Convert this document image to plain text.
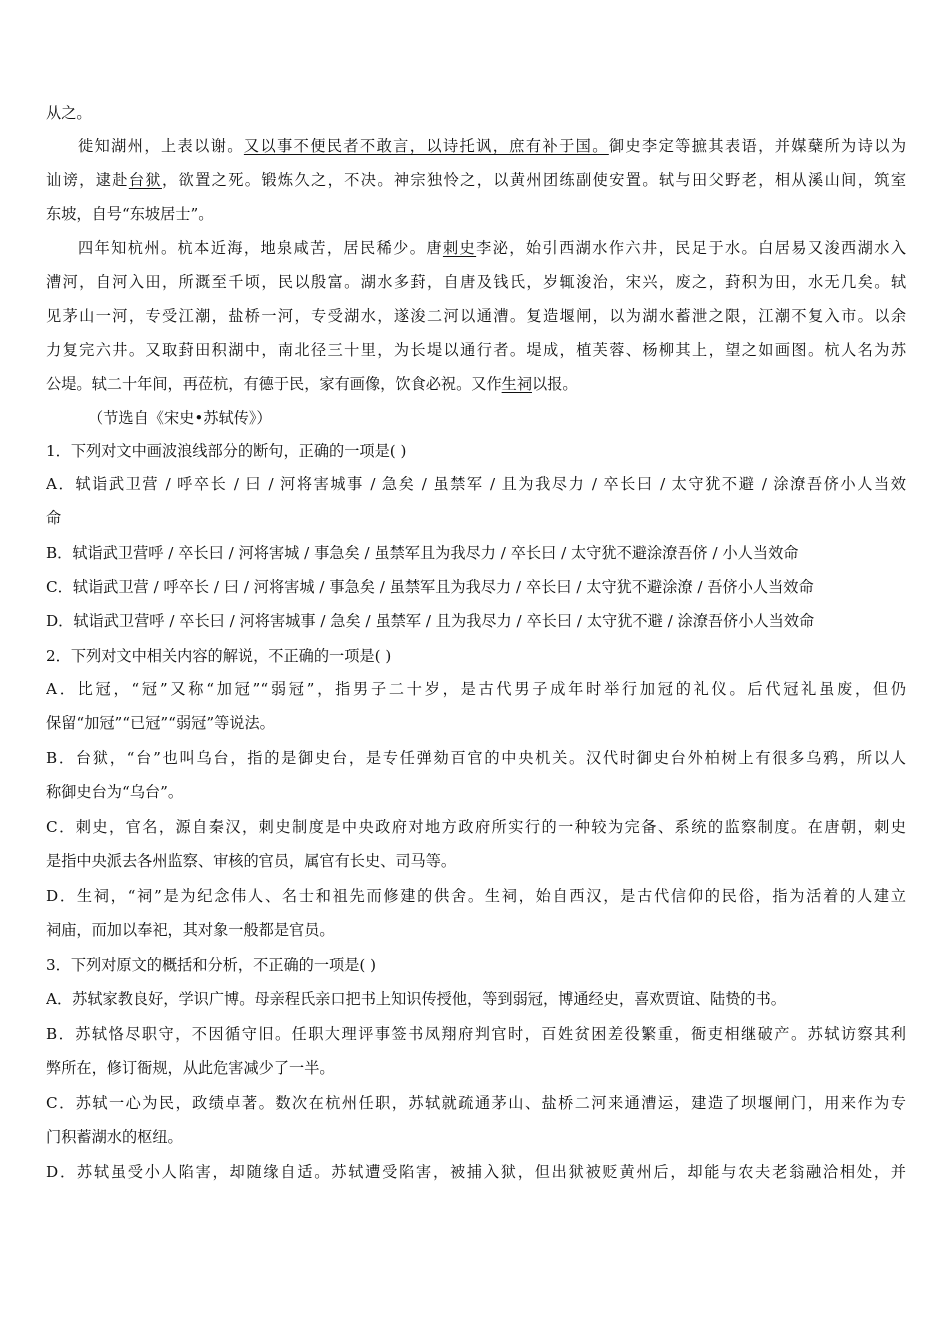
从之。
徙知湖州，上表以谢。又以事不便民者不敢言，以诗托讽，庶有补于国。御史李定等摭其表语，并媒蘖所为诗以为
讪谤，逮赴台狱，欲置之死。锻炼久之，不决。神宗独怜之，以黄州团练副使安置。轼与田父野老，相从溪山间，筑室
东坡，自号“东坡居士”。
四年知杭州。杭本近海，地泉咸苦，居民稀少。唐刺史李泌，始引西湖水作六井，民足于水。白居易又浚西湖水入
漕河，自河入田，所溉至千顷，民以殷富。湖水多葑，自唐及钱氏，岁辄浚治，宋兴，废之，葑积为田，水无几矣。轼
见茅山一河，专受江潮，盐桥一河，专受湖水，遂浚二河以通漕。复造堰闸，以为湖水蓄泄之限，江潮不复入市。以余
力复完六井。又取葑田积湖中，南北径三十里，为长堤以通行者。堤成，植芙蓉、杨柳其上，望之如画图。杭人名为苏
公堤。轼二十年间，再莅杭，有德于民，家有画像，饮食必祝。又作生祠以报。
（节选自《宋史•苏轼传》）
1．下列对文中画波浪线部分的断句，正确的一项是( )
A．轼诣武卫营 / 呼卒长 / 曰 / 河将害城事 / 急矣 / 虽禁军 / 且为我尽力 / 卒长曰 / 太守犹不避 / 涂潦吾侪小人当效
命
B．轼诣武卫营呼 / 卒长曰 / 河将害城 / 事急矣 / 虽禁军且为我尽力 / 卒长曰 / 太守犹不避涂潦吾侪 / 小人当效命
C．轼诣武卫营 / 呼卒长 / 曰 / 河将害城 / 事急矣 / 虽禁军且为我尽力 / 卒长曰 / 太守犹不避涂潦 / 吾侪小人当效命
D．轼诣武卫营呼 / 卒长曰 / 河将害城事 / 急矣 / 虽禁军 / 且为我尽力 / 卒长曰 / 太守犹不避 / 涂潦吾侪小人当效命
2．下列对文中相关内容的解说，不正确的一项是( )
A．比冠，“冠”又称“加冠”“弱冠”，指男子二十岁，是古代男子成年时举行加冠的礼仪。后代冠礼虽废，但仍
保留“加冠”“已冠”“弱冠”等说法。
B．台狱，“台”也叫乌台，指的是御史台，是专任弹劾百官的中央机关。汉代时御史台外柏树上有很多乌鸦，所以人
称御史台为“乌台”。
C．刺史，官名，源自秦汉，刺史制度是中央政府对地方政府所实行的一种较为完备、系统的监察制度。在唐朝，刺史
是指中央派去各州监察、审核的官员，属官有长史、司马等。
D．生祠，“祠”是为纪念伟人、名士和祖先而修建的供舍。生祠，始自西汉，是古代信仰的民俗，指为活着的人建立
祠庙，而加以奉祀，其对象一般都是官员。
3．下列对原文的概括和分析，不正确的一项是( )
A．苏轼家教良好，学识广博。母亲程氏亲口把书上知识传授他，等到弱冠，博通经史，喜欢贾谊、陆贽的书。
B．苏轼恪尽职守，不因循守旧。任职大理评事签书凤翔府判官时，百姓贫困差役繁重，衙吏相继破产。苏轼访察其利
弊所在，修订衙规，从此危害减少了一半。
C．苏轼一心为民，政绩卓著。数次在杭州任职，苏轼就疏通茅山、盐桥二河来通漕运，建造了坝堰闸门，用来作为专
门积蓄湖水的枢纽。
D．苏轼虽受小人陷害，却随缘自适。苏轼遭受陷害，被捕入狱，但出狱被贬黄州后，却能与农夫老翁融洽相处，并
